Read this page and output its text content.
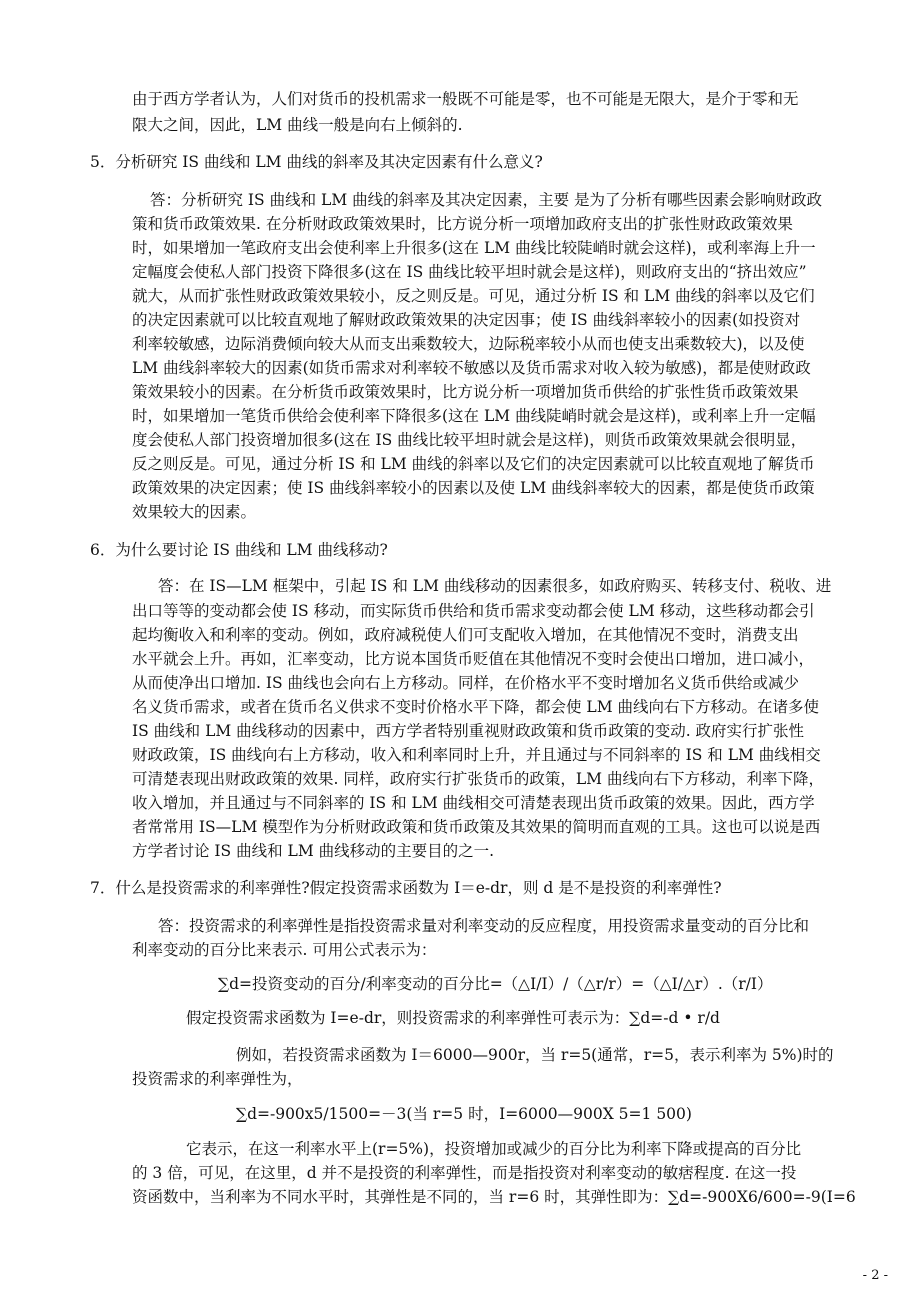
由于西方学者认为，人们对货币的投机需求一般既不可能是零，也不可能是无限大，是介于零和无
限大之间，因此，LM 曲线一般是向右上倾斜的.
5．分析研究 IS 曲线和 LM 曲线的斜率及其决定因素有什么意义?
答：分析研究 IS 曲线和 LM 曲线的斜率及其决定因素，主要 是为了分析有哪些因素会影响财政政
策和货币政策效果. 在分析财政政策效果时，比方说分析一项增加政府支出的扩张性财政政策效果
时，如果增加一笔政府支出会使利率上升很多(这在 LM 曲线比较陡峭时就会这样)，或利率海上升一
定幅度会使私人部门投资下降很多(这在 IS 曲线比较平坦时就会是这样)，则政府支出的“挤出效应”
就大，从而扩张性财政政策效果较小，反之则反是。可见，通过分析 IS 和 LM 曲线的斜率以及它们
的决定因素就可以比较直观地了解财政政策效果的决定因事；使 IS 曲线斜率较小的因素(如投资对
利率较敏感，边际消费倾向较大从而支出乘数较大，边际税率较小从而也使支出乘数较大)，以及使
LM 曲线斜率较大的因素(如货币需求对利率较不敏感以及货币需求对收入较为敏感)，都是使财政政
策效果较小的因素。在分析货币政策效果时，比方说分析一项增加货币供给的扩张性货币政策效果
时，如果增加一笔货币供给会使利率下降很多(这在 LM 曲线陡峭时就会是这样)，或利率上升一定幅
度会使私人部门投资增加很多(这在 IS 曲线比较平坦时就会是这样)，则货币政策效果就会很明显，
反之则反是。可见，通过分析 IS 和 LM 曲线的斜率以及它们的决定因素就可以比较直观地了解货币
政策效果的决定因素；使 IS 曲线斜率较小的因素以及使 LM 曲线斜率较大的因素，都是使货币政策
效果较大的因素。
6．为什么要讨论 IS 曲线和 LM 曲线移动?
答：在 IS—LM 框架中，引起 IS 和 LM 曲线移动的因素很多，如政府购买、转移支付、税收、进
出口等等的变动都会使 IS 移动，而实际货币供给和货币需求变动都会使 LM 移动，这些移动都会引
起均衡收入和利率的变动。例如，政府减税使人们可支配收入增加，在其他情况不变时，消费支出
水平就会上升。再如，汇率变动，比方说本国货币贬值在其他情况不变时会使出口增加，进口减小，
从而使净出口增加. IS 曲线也会向右上方移动。同样，在价格水平不变时增加名义货币供给或减少
名义货币需求，或者在货币名义供求不变时价格水平下降，都会使 LM 曲线向右下方移动。在诸多使
IS 曲线和 LM 曲线移动的因素中，西方学者特别重视财政政策和货币政策的变动. 政府实行扩张性
财政政策，IS 曲线向右上方移动，收入和利率同时上升，并且通过与不同斜率的 IS 和 LM 曲线相交
可清楚表现出财政政策的效果. 同样，政府实行扩张货币的政策，LM 曲线向右下方移动，利率下降，
收入增加，并且通过与不同斜率的 IS 和 LM 曲线相交可清楚表现出货币政策的效果。因此，西方学
者常常用 IS—LM 模型作为分析财政政策和货币政策及其效果的简明而直观的工具。这也可以说是西
方学者讨论 IS 曲线和 LM 曲线移动的主要目的之一.
7．什么是投资需求的利率弹性?假定投资需求函数为 I＝e-dr，则 d 是不是投资的利率弹性?
答：投资需求的利率弹性是指投资需求量对利率变动的反应程度，用投资需求量变动的百分比和
利率变动的百分比来表示. 可用公式表示为：
∑d=投资变动的百分/利率变动的百分比=（△I/I）/（△r/r）=（△I/△r）.（r/I）
假定投资需求函数为 I=e-dr，则投资需求的利率弹性可表示为：∑d=-d • r/d
例如，若投资需求函数为 I＝6000—900r，当 r=5(通常，r=5，表示利率为 5%)时的
投资需求的利率弹性为，
∑d=-900x5/1500=－3(当 r=5 时，I=6000—900X 5=1 500)
它表示，在这一利率水平上(r=5%)，投资增加或减少的百分比为利率下降或提高的百分比
的 3 倍，可见，在这里，d 并不是投资的利率弹性，而是指投资对利率变动的敏痞程度. 在这一投
资函数中，当利率为不同水平时，其弹性是不同的，当 r=6 时，其弹性即为：∑d=-900X6/600=-9(I=6
- 2 -
